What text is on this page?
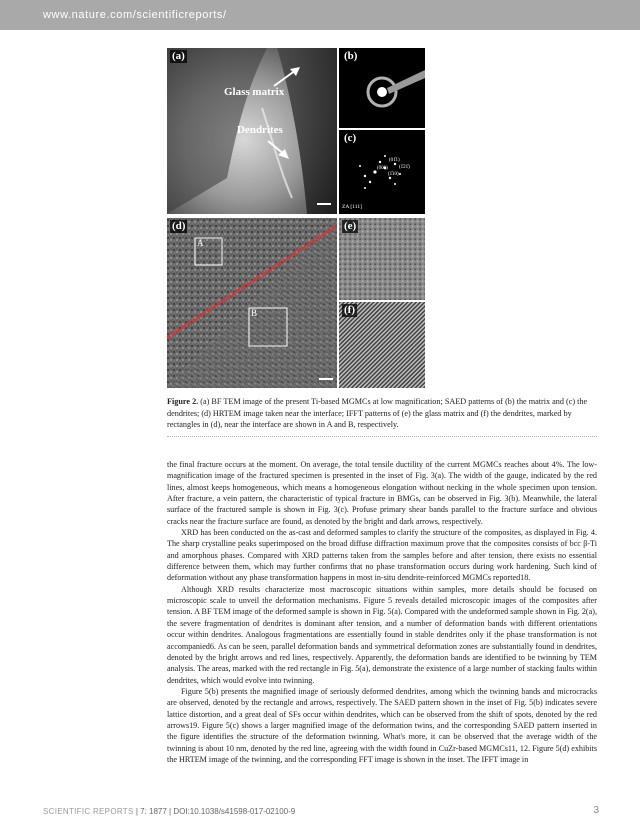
www.nature.com/scientificreports/
(a)
Glass matrix
Dendrites
(b)
(c)
(01̄1)
(1̄21̄)
(1̄10)
(000)
ZA [111]
(d)
A
B
(e)
(f)
Figure 2. (a) BF TEM image of the present Ti-based MGMCs at low magnification; SAED patterns of (b) the matrix and (c) the dendrites; (d) HRTEM image taken near the interface; IFFT patterns of (e) the glass matrix and (f) the dendrites, marked by rectangles in (d), near the interface are shown in A and B, respectively.

the final fracture occurs at the moment. On average, the total tensile ductility of the current MGMCs reaches about 4%. The low-magnification image of the fractured specimen is presented in the inset of Fig. 3(a). The width of the gauge, indicated by the red lines, almost keeps homogeneous, which means a homogeneous elongation without necking in the whole specimen upon tension. After fracture, a vein pattern, the characteristic of typical fracture in BMGs, can be observed in Fig. 3(b). Meanwhile, the lateral surface of the fractured sample is shown in Fig. 3(c). Profuse primary shear bands parallel to the fracture surface and obvious cracks near the fracture surface are found, as denoted by the bright and dark arrows, respectively.

XRD has been conducted on the as-cast and deformed samples to clarify the structure of the composites, as displayed in Fig. 4. The sharp crystalline peaks superimposed on the broad diffuse diffraction maximum prove that the composites consists of bcc β-Ti and amorphous phases. Compared with XRD patterns taken from the samples before and after tension, there exists no essential difference between them, which may further confirms that no phase transformation occurs during work hardening. Such kind of deformation without any phase transformation happens in most in-situ dendrite-reinforced MGMCs reported18.

Although XRD results characterize most macroscopic situations within samples, more details should be focused on microscopic scale to unveil the deformation mechanisms. Figure 5 reveals detailed microscopic images of the composites after tension. A BF TEM image of the deformed sample is shown in Fig. 5(a). Compared with the undeformed sample shown in Fig. 2(a), the severe fragmentation of dendrites is dominant after tension, and a number of deformation bands with different orientations occur within dendrites. Analogous fragmentations are essentially found in stable dendrites only if the phase transformation is not accompanied6. As can be seen, parallel deformation bands and symmetrical deformation zones are substantially found in dendrites, denoted by the bright arrows and red lines, respectively. Apparently, the deformation bands are identified to be twinning by TEM analysis. The areas, marked with the red rectangle in Fig. 5(a), demonstrate the existence of a large number of stacking faults within dendrites, which would evolve into twinning.

Figure 5(b) presents the magnified image of seriously deformed dendrites, among which the twinning bands and microcracks are observed, denoted by the rectangle and arrows, respectively. The SAED pattern shown in the inset of Fig. 5(b) indicates severe lattice distortion, and a great deal of SFs occur within dendrites, which can be observed from the shift of spots, denoted by the red arrows19. Figure 5(c) shows a larger magnified image of the deformation twins, and the corresponding SAED pattern inserted in the figure identifies the structure of the deformation twinning. What's more, it can be observed that the average width of the twinning is about 10 nm, denoted by the red line, agreeing with the width found in CuZr-based MGMCs11, 12. Figure 5(d) exhibits the HRTEM image of the twinning, and the corresponding FFT image is shown in the inset. The IFFT image in

SCIENTIFIC REPORTS | 7: 1877 | DOI:10.1038/s41598-017-02100-9	3
